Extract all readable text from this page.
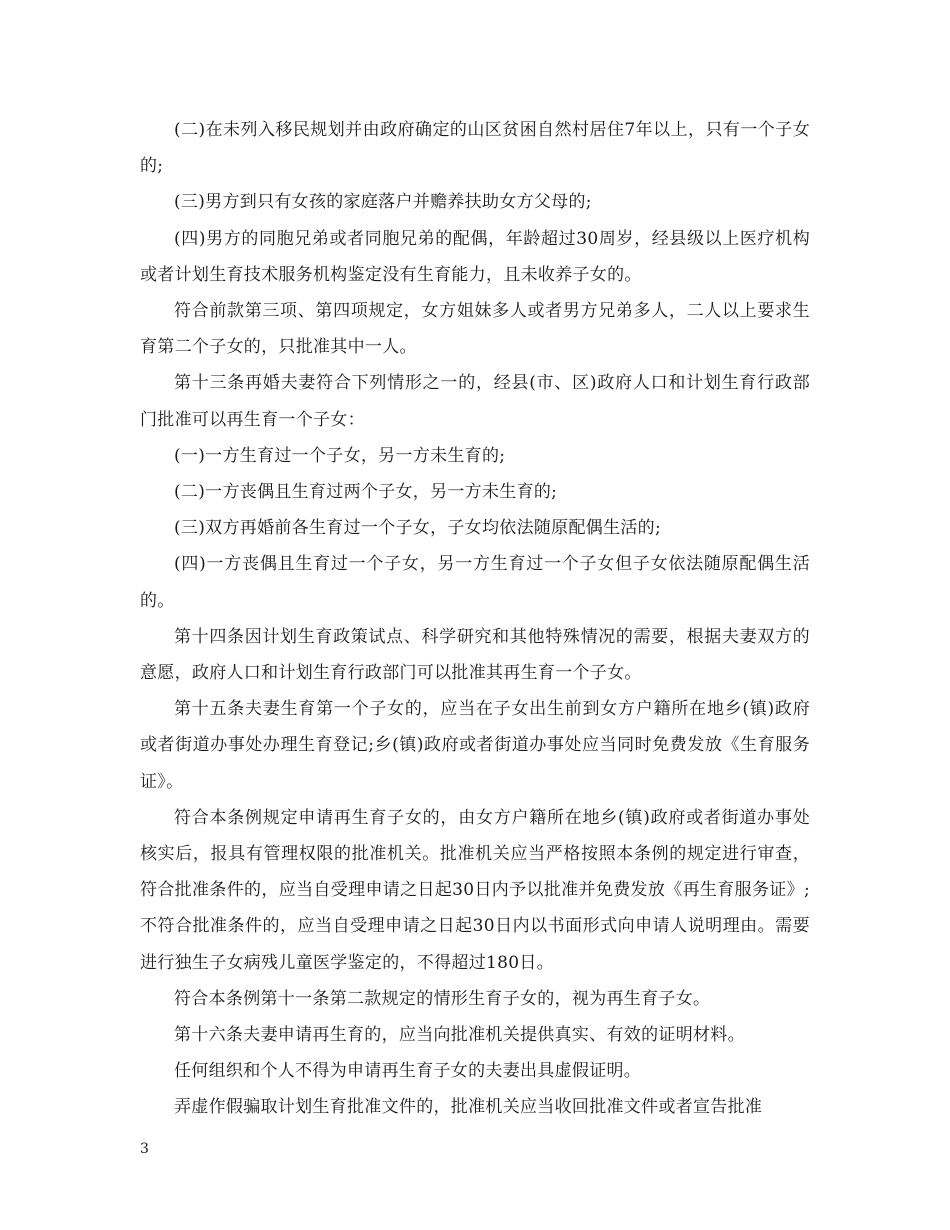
(二)在未列入移民规划并由政府确定的山区贫困自然村居住7年以上，只有一个子女的;

(三)男方到只有女孩的家庭落户并赡养扶助女方父母的;

(四)男方的同胞兄弟或者同胞兄弟的配偶，年龄超过30周岁，经县级以上医疗机构或者计划生育技术服务机构鉴定没有生育能力，且未收养子女的。

符合前款第三项、第四项规定，女方姐妹多人或者男方兄弟多人，二人以上要求生育第二个子女的，只批准其中一人。

第十三条再婚夫妻符合下列情形之一的，经县(市、区)政府人口和计划生育行政部门批准可以再生育一个子女：

(一)一方生育过一个子女，另一方未生育的;

(二)一方丧偶且生育过两个子女，另一方未生育的;

(三)双方再婚前各生育过一个子女，子女均依法随原配偶生活的;

(四)一方丧偶且生育过一个子女，另一方生育过一个子女但子女依法随原配偶生活的。

第十四条因计划生育政策试点、科学研究和其他特殊情况的需要，根据夫妻双方的意愿，政府人口和计划生育行政部门可以批准其再生育一个子女。

第十五条夫妻生育第一个子女的，应当在子女出生前到女方户籍所在地乡(镇)政府或者街道办事处办理生育登记;乡(镇)政府或者街道办事处应当同时免费发放《生育服务证》。

符合本条例规定申请再生育子女的，由女方户籍所在地乡(镇)政府或者街道办事处核实后，报具有管理权限的批准机关。批准机关应当严格按照本条例的规定进行审查，符合批准条件的，应当自受理申请之日起30日内予以批准并免费发放《再生育服务证》;不符合批准条件的，应当自受理申请之日起30日内以书面形式向申请人说明理由。需要进行独生子女病残儿童医学鉴定的，不得超过180日。

符合本条例第十一条第二款规定的情形生育子女的，视为再生育子女。

第十六条夫妻申请再生育的，应当向批准机关提供真实、有效的证明材料。

任何组织和个人不得为申请再生育子女的夫妻出具虚假证明。

弄虚作假骗取计划生育批准文件的，批准机关应当收回批准文件或者宣告批准

3
